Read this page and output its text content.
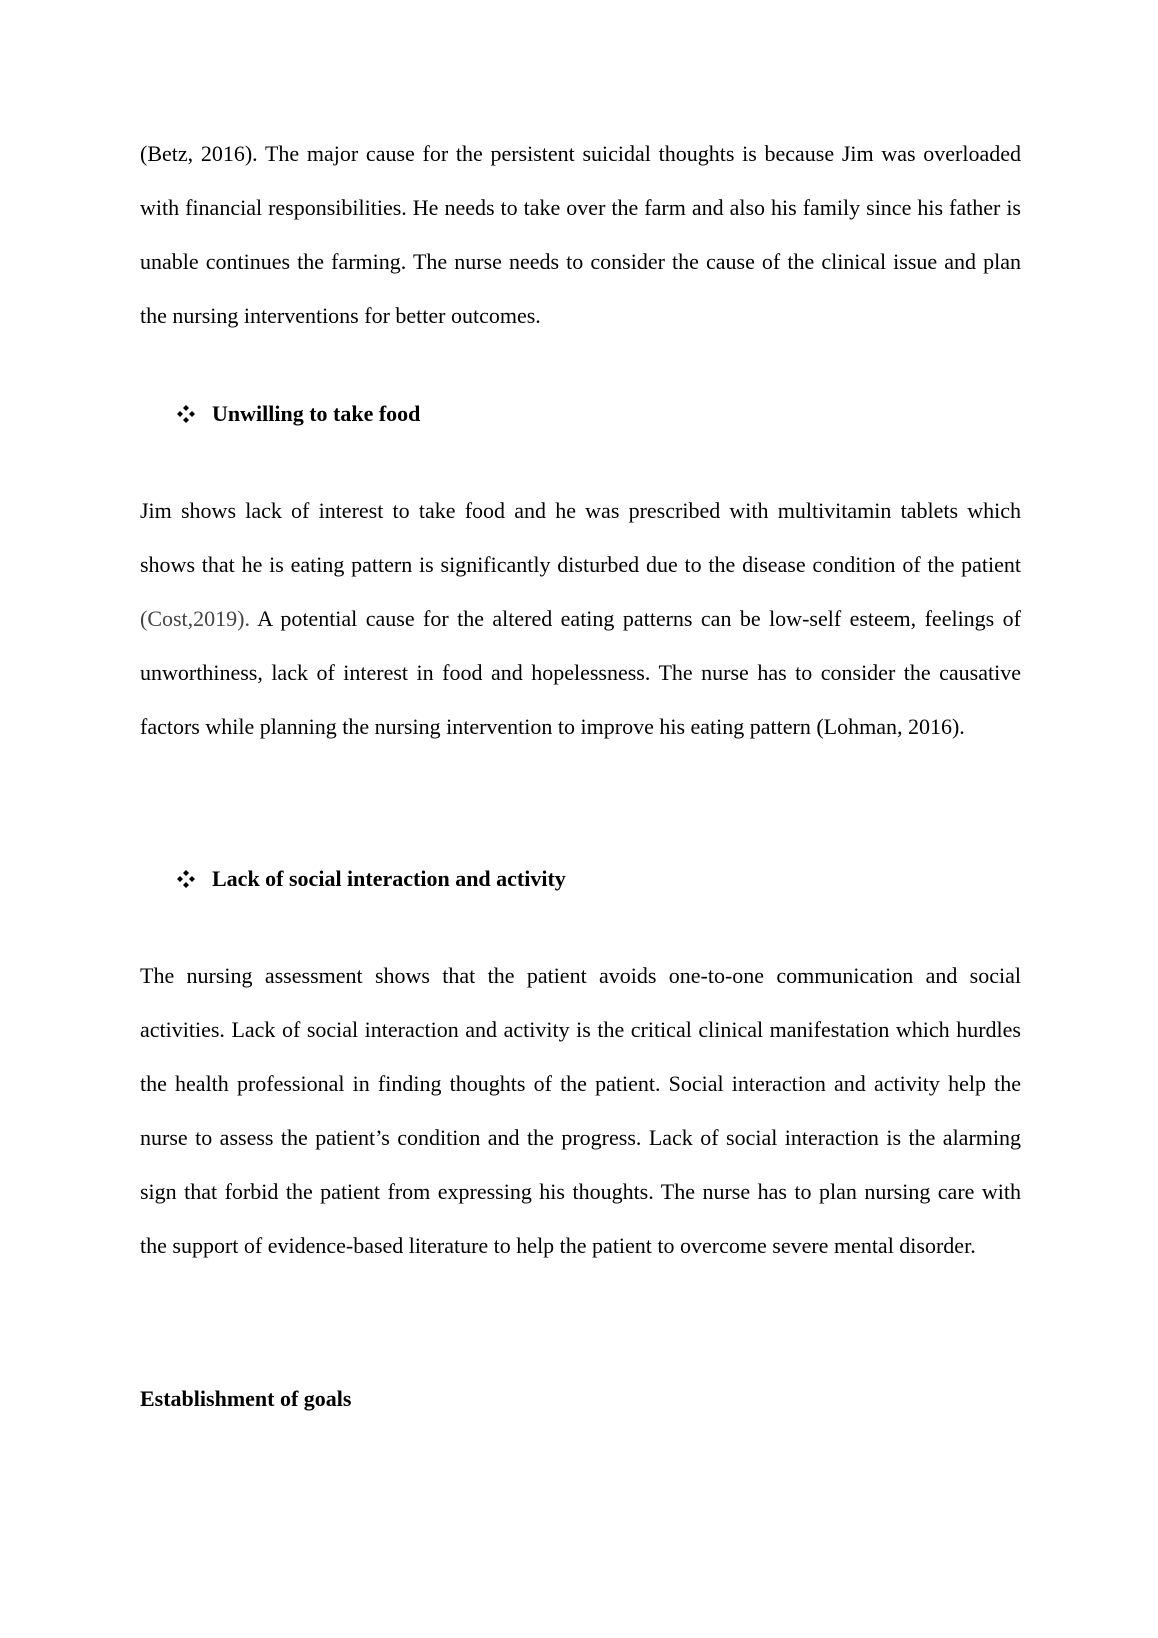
(Betz, 2016). The major cause for the persistent suicidal thoughts is because Jim was overloaded with financial responsibilities. He needs to take over the farm and also his family since his father is unable continues the farming. The nurse needs to consider the cause of the clinical issue and plan the nursing interventions for better outcomes.

Unwilling to take food

Jim shows lack of interest to take food and he was prescribed with multivitamin tablets which shows that he is eating pattern is significantly disturbed due to the disease condition of the patient (Cost,2019). A potential cause for the altered eating patterns can be low-self esteem, feelings of unworthiness, lack of interest in food and hopelessness. The nurse has to consider the causative factors while planning the nursing intervention to improve his eating pattern (Lohman, 2016).

Lack of social interaction and activity

The nursing assessment shows that the patient avoids one-to-one communication and social activities. Lack of social interaction and activity is the critical clinical manifestation which hurdles the health professional in finding thoughts of the patient. Social interaction and activity help the nurse to assess the patient’s condition and the progress. Lack of social interaction is the alarming sign that forbid the patient from expressing his thoughts. The nurse has to plan nursing care with the support of evidence-based literature to help the patient to overcome severe mental disorder.

Establishment of goals
